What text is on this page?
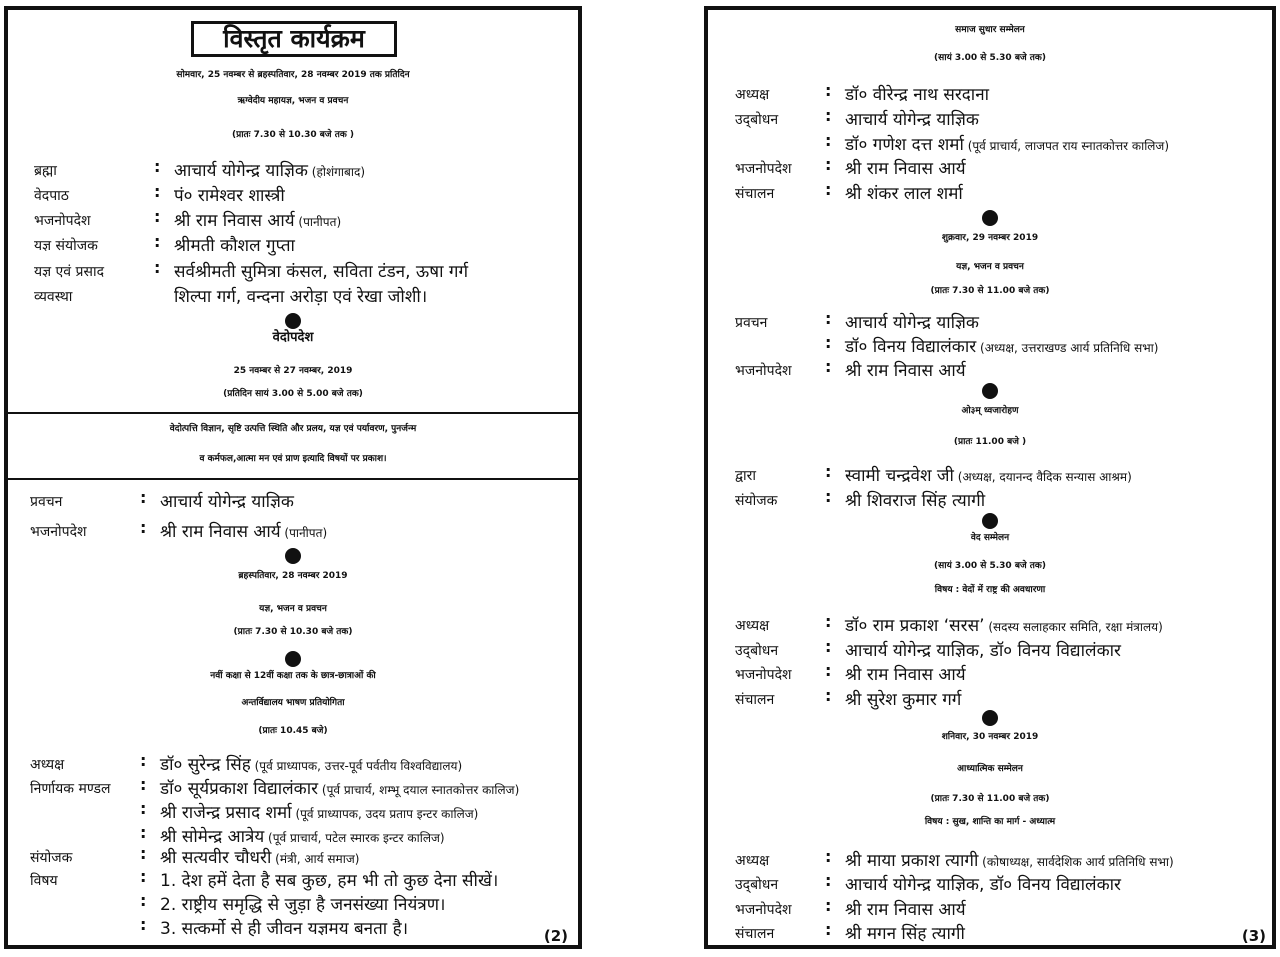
विस्तृत कार्यक्रम
सोमवार, 25 नवम्बर से ब्रहस्पतिवार, 28 नवम्बर 2019 तक प्रतिदिन
ऋग्वेदीय महायज्ञ, भजन व प्रवचन
(प्रातः 7.30 से 10.30 बजे तक )
ब्रह्मा	: आचार्य योगेन्द्र याज्ञिक (होशंगाबाद)
वेदपाठ	: पं० रामेश्वर शास्त्री
भजनोपदेश	: श्री राम निवास आर्य (पानीपत)
यज्ञ संयोजक	: श्रीमती कौशल गुप्ता
यज्ञ एवं प्रसाद	: सर्वश्रीमती सुमित्रा कंसल, सविता टंडन, ऊषा गर्ग
व्यवस्था	शिल्पा गर्ग, वन्दना अरोड़ा एवं रेखा जोशी।
वेदोपदेश
25 नवम्बर से 27 नवम्बर, 2019
(प्रतिदिन सायं 3.00 से 5.00 बजे तक)
वेदोत्पत्ति विज्ञान, सृष्टि उत्पत्ति स्थिति और प्रलय, यज्ञ एवं पर्यावरण, पुनर्जन्म
व कर्मफल,आत्मा मन एवं प्राण इत्यादि विषयों पर प्रकाश।
प्रवचन	: आचार्य योगेन्द्र याज्ञिक
भजनोपदेश	: श्री राम निवास आर्य (पानीपत)
ब्रहस्पतिवार, 28 नवम्बर 2019
यज्ञ, भजन व प्रवचन
(प्रातः 7.30 से 10.30 बजे तक)
नवीं कक्षा से 12वीं कक्षा तक के छात्र-छात्राओं की
अन्तर्विद्यालय भाषण प्रतियोगिता
(प्रातः 10.45 बजे)
अध्यक्ष	: डॉ० सुरेन्द्र सिंह (पूर्व प्राध्यापक, उत्तर-पूर्व पर्वतीय विश्वविद्यालय)
निर्णायक मण्डल : डॉ० सूर्यप्रकाश विद्यालंकार (पूर्व प्राचार्य, शम्भू दयाल स्नातकोत्तर कालिज)
: श्री राजेन्द्र प्रसाद शर्मा (पूर्व प्राध्यापक, उदय प्रताप इन्टर कालिज)
: श्री सोमेन्द्र आत्रेय (पूर्व प्राचार्य, पटेल स्मारक इन्टर कालिज)
संयोजक	: श्री सत्यवीर चौधरी (मंत्री, आर्य समाज)
विषय	: 1. देश हमें देता है सब कुछ, हम भी तो कुछ देना सीखें।
: 2. राष्ट्रीय समृद्धि से जुड़ा है जनसंख्या नियंत्रण।
: 3. सत्कर्मो से ही जीवन यज्ञमय बनता है।	(2)
समाज सुधार सम्मेलन
(सायं 3.00 से 5.30 बजे तक)
अध्यक्ष	: डॉ० वीरेन्द्र नाथ सरदाना
उद्‌बोधन	: आचार्य योगेन्द्र याज्ञिक
: डॉ० गणेश दत्त शर्मा (पूर्व प्राचार्य, लाजपत राय स्नातकोत्तर कालिज)
भजनोपदेश : श्री राम निवास आर्य
संचालन	: श्री शंकर लाल शर्मा
शुक्रवार, 29 नवम्बर 2019
यज्ञ, भजन व प्रवचन
(प्रातः 7.30 से 11.00 बजे तक)
प्रवचन	: आचार्य योगेन्द्र याज्ञिक
: डॉ० विनय विद्यालंकार (अध्यक्ष, उत्तराखण्ड आर्य प्रतिनिधि सभा)
भजनोपदेश : श्री राम निवास आर्य
ओ३म् ध्वजारोहण
(प्रातः 11.00 बजे )
द्वारा	: स्वामी चन्द्रवेश जी (अध्यक्ष, दयानन्द वैदिक सन्यास आश्रम)
संयोजक	: श्री शिवराज सिंह त्यागी
वेद सम्मेलन
(सायं 3.00 से 5.30 बजे तक)
विषय : वेदों में राष्ट्र की अवधारणा
अध्यक्ष	: डॉ० राम प्रकाश ‘सरस’ (सदस्य सलाहकार समिति, रक्षा मंत्रालय)
उद्‌बोधन	: आचार्य योगेन्द्र याज्ञिक, डॉ० विनय विद्यालंकार
भजनोपदेश : श्री राम निवास आर्य
संचालन	: श्री सुरेश कुमार गर्ग
शनिवार, 30 नवम्बर 2019
आध्यात्मिक सम्मेलन
(प्रातः 7.30 से 11.00 बजे तक)
विषय : सुख, शान्ति का मार्ग - अध्यात्म
अध्यक्ष	: श्री माया प्रकाश त्यागी (कोषाध्यक्ष, सार्वदेशिक आर्य प्रतिनिधि सभा)
उद्‌बोधन	: आचार्य योगेन्द्र याज्ञिक, डॉ० विनय विद्यालंकार
भजनोपदेश : श्री राम निवास आर्य
संचालन	: श्री मगन सिंह त्यागी	(3)
